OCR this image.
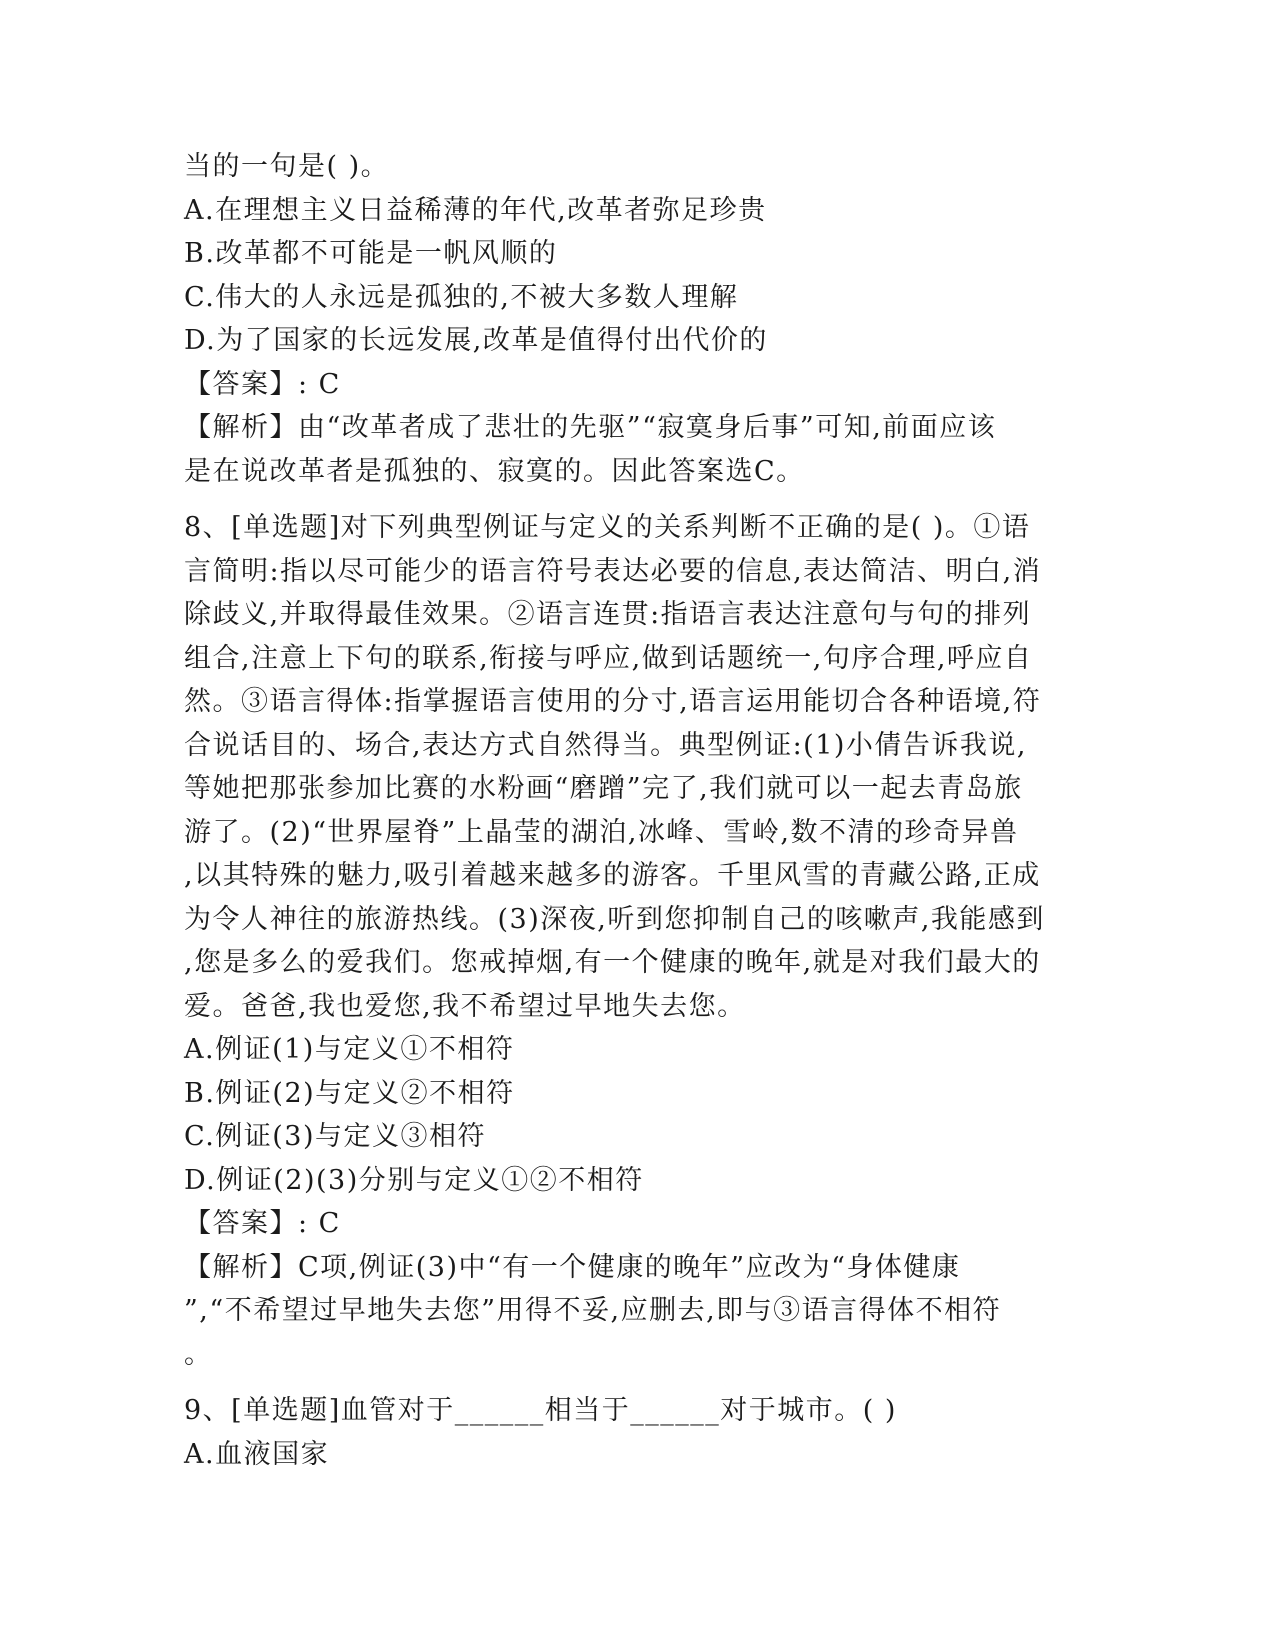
当的一句是( )。
A.在理想主义日益稀薄的年代,改革者弥足珍贵
B.改革都不可能是一帆风顺的
C.伟大的人永远是孤独的,不被大多数人理解
D.为了国家的长远发展,改革是值得付出代价的
【答案】: C
【解析】由“改革者成了悲壮的先驱”“寂寞身后事”可知,前面应该
是在说改革者是孤独的、寂寞的。因此答案选C。
8、[单选题]对下列典型例证与定义的关系判断不正确的是( )。①语
言简明:指以尽可能少的语言符号表达必要的信息,表达简洁、明白,消
除歧义,并取得最佳效果。②语言连贯:指语言表达注意句与句的排列
组合,注意上下句的联系,衔接与呼应,做到话题统一,句序合理,呼应自
然。③语言得体:指掌握语言使用的分寸,语言运用能切合各种语境,符
合说话目的、场合,表达方式自然得当。典型例证:(1)小倩告诉我说,
等她把那张参加比赛的水粉画“磨蹭”完了,我们就可以一起去青岛旅
游了。(2)“世界屋脊”上晶莹的湖泊,冰峰、雪岭,数不清的珍奇异兽
,以其特殊的魅力,吸引着越来越多的游客。千里风雪的青藏公路,正成
为令人神往的旅游热线。(3)深夜,听到您抑制自己的咳嗽声,我能感到
,您是多么的爱我们。您戒掉烟,有一个健康的晚年,就是对我们最大的
爱。爸爸,我也爱您,我不希望过早地失去您。
A.例证(1)与定义①不相符
B.例证(2)与定义②不相符
C.例证(3)与定义③相符
D.例证(2)(3)分别与定义①②不相符
【答案】: C
【解析】C项,例证(3)中“有一个健康的晚年”应改为“身体健康
”,“不希望过早地失去您”用得不妥,应删去,即与③语言得体不相符
。
9、[单选题]血管对于______相当于______对于城市。( )
A.血液国家
